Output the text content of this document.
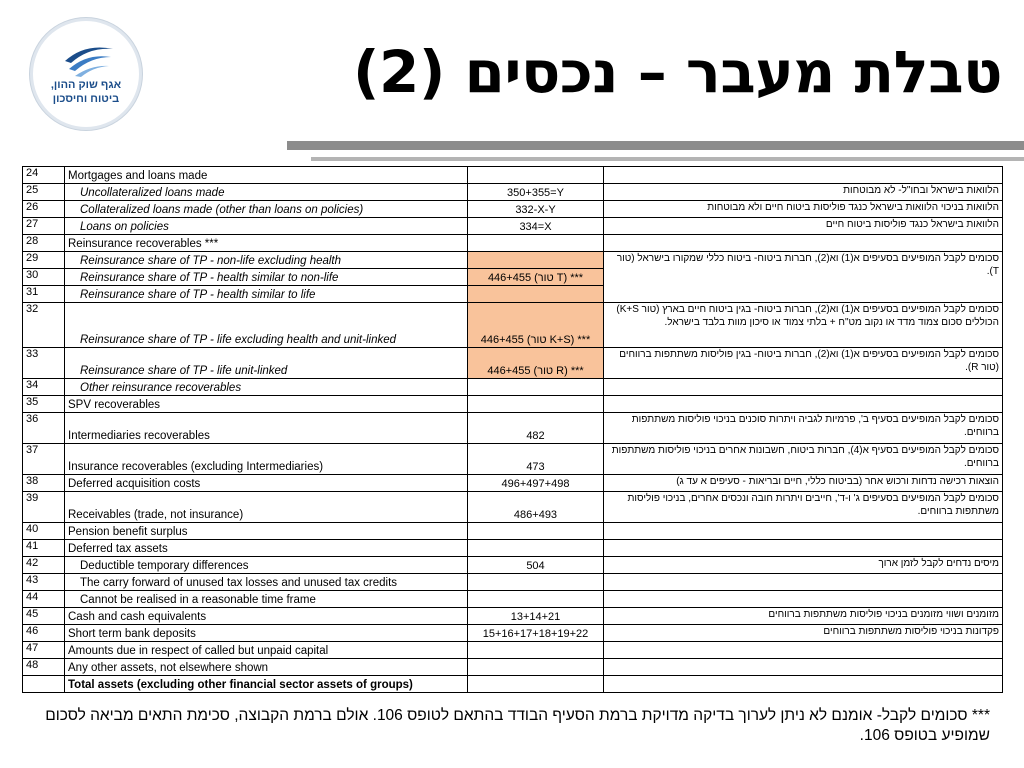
אגף שוק ההון,
ביטוח וחיסכון	טבלת מעבר – נכסים (2)
24	Mortgages and loans made		
25	Uncollateralized loans made	350+355=Y	הלוואות בישראל ובחו"ל- לא מבוטחות
26	Collateralized loans made (other than loans on policies)	332-X-Y	הלוואות בניכוי הלוואות בישראל כנגד פוליסות ביטוח חיים ולא מבוטחות
27	Loans on policies	334=X	הלוואות בישראל כנגד פוליסות ביטוח חיים
28	Reinsurance recoverables ***		
29	Reinsurance share of TP - non-life excluding health		סכומים לקבל המופיעים בסעיפים א(1) וא(2), חברות ביטוח- ביטוח כללי שמקורו בישראל (טור T).
30	Reinsurance share of TP - health similar to non-life	446+455 (טור T) ***	
31	Reinsurance share of TP - health similar to life		
32	Reinsurance share of TP - life excluding health and unit-linked	446+455 (טור K+S) ***	סכומים לקבל המופיעים בסעיפים א(1) וא(2), חברות ביטוח- בגין ביטוח חיים בארץ (טור K+S) הכוללים סכום צמוד מדד או נקוב מט"ח + בלתי צמוד או סיכון מוות בלבד בישראל.
33	Reinsurance share of TP - life unit-linked	446+455 (טור R) ***	סכומים לקבל המופיעים בסעיפים א(1) וא(2), חברות ביטוח- בגין פוליסות משתתפות ברווחים (טור R).
34	Other reinsurance recoverables		
35	SPV recoverables		
36	Intermediaries recoverables	482	סכומים לקבל המופיעים בסעיף ב', פרמיות לגביה ויתרות סוכנים בניכוי פוליסות משתתפות ברווחים.
37	Insurance recoverables (excluding Intermediaries)	473	סכומים לקבל המופיעים בסעיף א(4), חברות ביטוח, חשבונות אחרים בניכוי פוליסות משתתפות ברווחים.
38	Deferred acquisition costs	496+497+498	הוצאות רכישה נדחות ורכוש אחר (בביטוח כללי, חיים ובריאות - סעיפים א עד ג)
39	Receivables (trade, not insurance)	486+493	סכומים לקבל המופיעים בסעיפים ג' ו-ד', חייבים ויתרות חובה ונכסים אחרים, בניכוי פוליסות משתתפות ברווחים.
40	Pension benefit surplus		
41	Deferred tax assets		
42	Deductible temporary differences	504	מיסים נדחים לקבל לזמן ארוך
43	The carry forward of unused tax losses and unused tax credits		
44	Cannot be realised in a reasonable time frame		
45	Cash and cash equivalents	13+14+21	מזומנים ושווי מזומנים בניכוי פוליסות משתתפות ברווחים
46	Short term bank deposits	15+16+17+18+19+22	פקדונות בניכוי פוליסות משתתפות ברווחים
47	Amounts due in respect of called but unpaid capital		
48	Any other assets, not elsewhere shown		
	Total assets (excluding other financial sector assets of groups)		
*** סכומים לקבל- אומנם לא ניתן לערוך בדיקה מדויקת ברמת הסעיף הבודד בהתאם לטופס 106. אולם ברמת הקבוצה, סכימת התאים מביאה לסכום שמופיע בטופס 106.
